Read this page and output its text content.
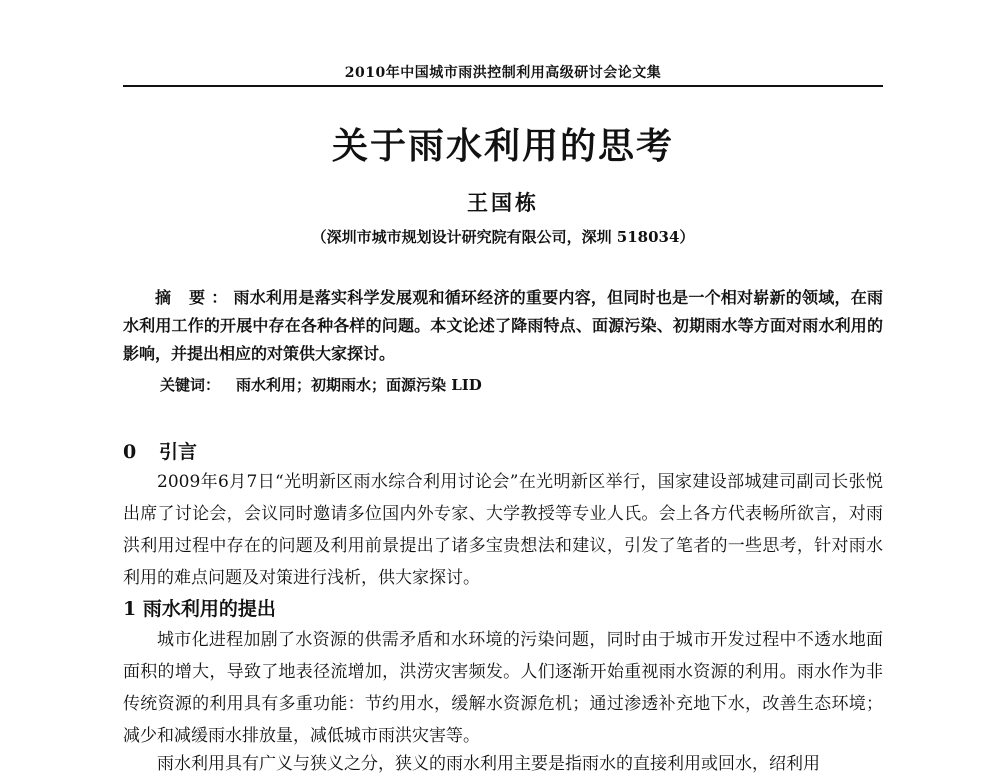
2010年中国城市雨洪控制利用高级研讨会论文集
关于雨水利用的思考
王国栋
（深圳市城市规划设计研究院有限公司，深圳 518034）

摘 要：雨水利用是落实科学发展观和循环经济的重要内容，但同时也是一个相对崭新的领域，在雨水利用工作的开展中存在各种各样的问题。本文论述了降雨特点、面源污染、初期雨水等方面对雨水利用的影响，并提出相应的对策供大家探讨。

关键词： 雨水利用；初期雨水；面源污染 LID
0 引言

2009年6月7日“光明新区雨水综合利用讨论会”在光明新区举行，国家建设部城建司副司长张悦出席了讨论会，会议同时邀请多位国内外专家、大学教授等专业人氏。会上各方代表畅所欲言，对雨洪利用过程中存在的问题及利用前景提出了诸多宝贵想法和建议，引发了笔者的一些思考，针对雨水利用的难点问题及对策进行浅析，供大家探讨。

1 雨水利用的提出

城市化进程加剧了水资源的供需矛盾和水环境的污染问题，同时由于城市开发过程中不透水地面面积的增大，导致了地表径流增加，洪涝灾害频发。人们逐渐开始重视雨水资源的利用。雨水作为非传统资源的利用具有多重功能：节约用水，缓解水资源危机；通过渗透补充地下水，改善生态环境；减少和减缓雨水排放量，减低城市雨洪灾害等。

雨水利用具有广义与狭义之分，狭义的雨水利用主要是指雨水的直接利用或回水，绍利用
